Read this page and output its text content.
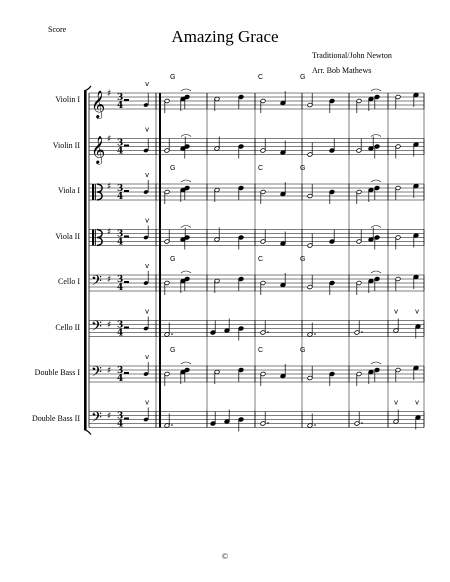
Score	Amazing Grace
Traditional/John Newton
Arr. Bob Mathews
Violin I
Violin II
Viola I
Viola II
Cello I
Cello II
Double Bass I
Double Bass II
𝄞 ♯ 3
4
v
G	C	G
𝄞 ♯ 3
4
v
♯ 3
4
v
G	C	G
♯ 3
4
v
𝄢 ♯ 3
4
v
G	C	G
𝄢 ♯ 3
4
v	v v
𝄢 ♯ 3
4
v
G	C	G
𝄢 ♯ 3
4
v	v v
©
